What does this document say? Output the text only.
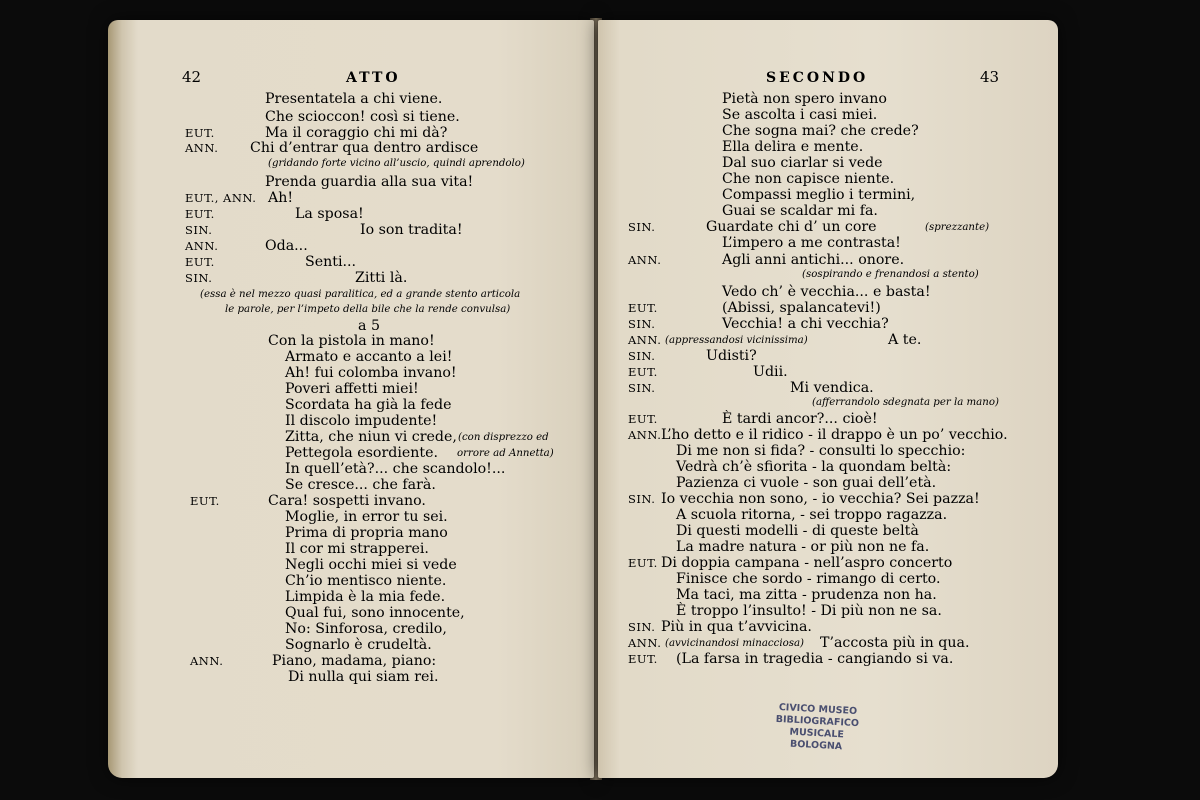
42	ATTO	SECONDO	43
Presentatela a chi viene.
Che scioccon! così si tiene.
EUT.	Ma il coraggio chi mi dà?
ANN. Chi d’entrar qua dentro ardisce
(gridando forte vicino all’uscio, quindi aprendolo)
Prenda guardia alla sua vita!
EUT., ANN. Ah!
EUT.	La sposa!
SIN.	Io son tradita!
ANN.	Oda...
EUT.	Senti...
SIN.	Zitti là.
(essa è nel mezzo quasi paralitica, ed a grande stento articola
le parole, per l’impeto della bile che la rende convulsa)
a 5
Con la pistola in mano!
Armato e accanto a lei!
Ah! fui colomba invano!
Poveri affetti miei!
Scordata ha già la fede
Il discolo impudente!
Zitta, che niun vi crede, (con disprezzo ed
Pettegola esordiente. orrore ad Annetta)
In quell’età?... che scandolo!...
Se cresce... che farà.
EUT.	Cara! sospetti invano.
Moglie, in error tu sei.
Prima di propria mano
Il cor mi strapperei.
Negli occhi miei si vede
Ch’io mentisco niente.
Limpida è la mia fede.
Qual fui, sono innocente,
No: Sinforosa, credilo,
Sognarlo è crudeltà.
ANN.	Piano, madama, piano:
Di nulla qui siam rei.
Pietà non spero invano
Se ascolta i casi miei.
Che sogna mai? che crede?
Ella delira e mente.
Dal suo ciarlar si vede
Che non capisce niente.
Compassi meglio i termini,
Guai se scaldar mi fa.
SIN.	Guardate chi d’ un core	(sprezzante)
L’impero a me contrasta!
ANN.	Agli anni antichi... onore.
(sospirando e frenandosi a stento)
Vedo ch’ è vecchia... e basta!
EUT.	(Abissi, spalancatevi!)
SIN.	Vecchia! a chi vecchia?
ANN. (appressandosi vicinissima)	A te.
SIN.	Udisti?
EUT.	Udii.
SIN.	Mi vendica.
(afferrandolo sdegnata per la mano)
EUT.	È tardi ancor?... cioè!
ANN. L’ho detto e il ridico - il drappo è un po’ vecchio.
Di me non si fida? - consulti lo specchio:
Vedrà ch’è sfiorita - la quondam beltà:
Pazienza ci vuole - son guai dell’età.
SIN. Io vecchia non sono, - io vecchia? Sei pazza!
A scuola ritorna, - sei troppo ragazza.
Di questi modelli - di queste beltà
La madre natura - or più non ne fa.
EUT. Di doppia campana - nell’aspro concerto
Finisce che sordo - rimango di certo.
Ma taci, ma zitta - prudenza non ha.
È troppo l’insulto! - Di più non ne sa.
SIN. Più in qua t’avvicina.
ANN. (avvicinandosi minacciosa) T’accosta più in qua.
EUT. (La farsa in tragedia - cangiando si va.
CIVICO MUSEO
BIBLIOGRAFICO MUSICALE
BOLOGNA
